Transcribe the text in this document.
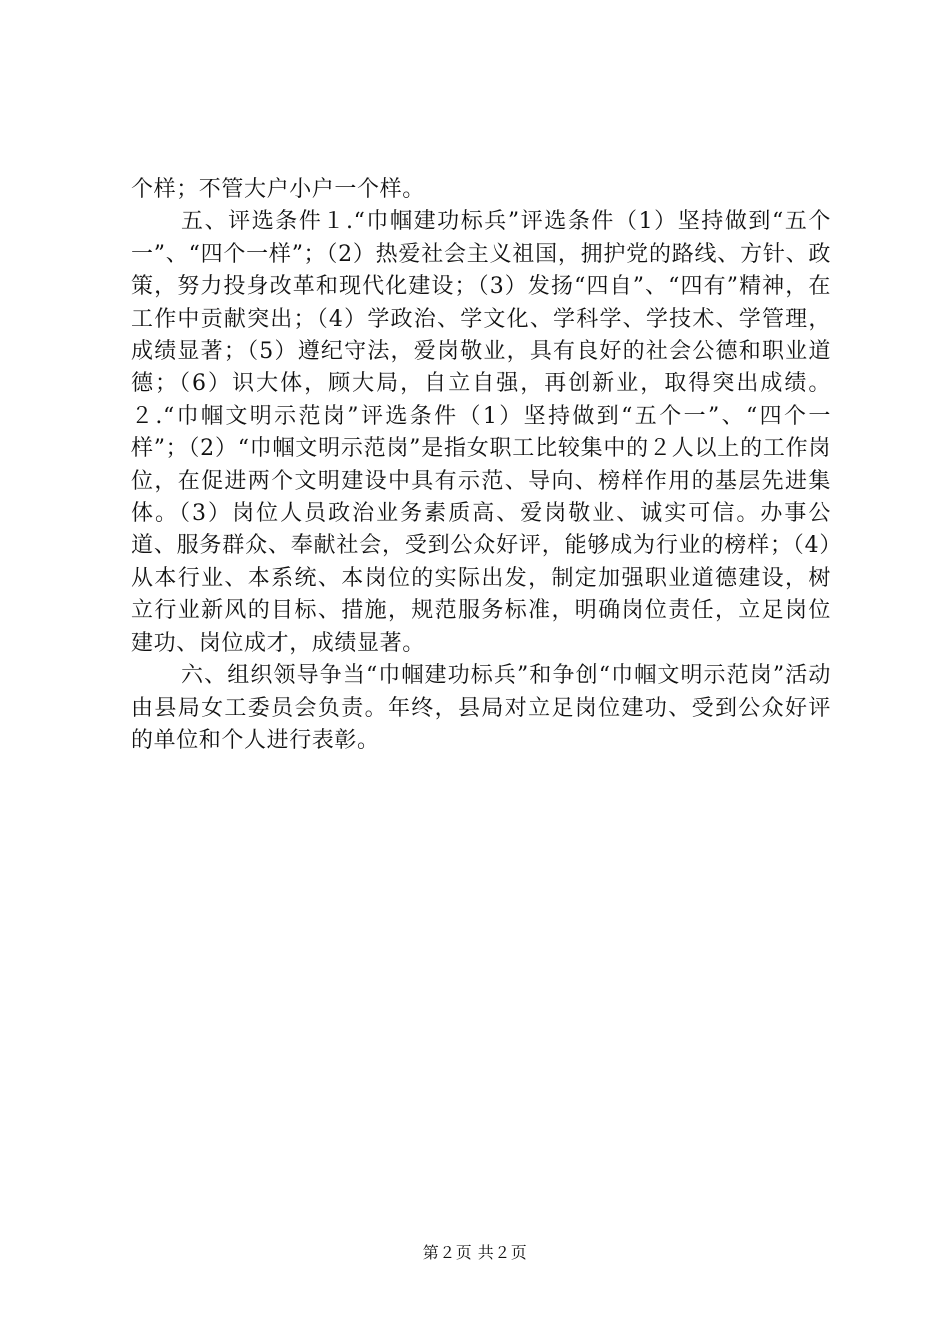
个样；不管大户小户一个样。

五、评选条件１.“巾帼建功标兵”评选条件（1）坚持做到“五个一”、“四个一样”；（2）热爱社会主义祖国，拥护党的路线、方针、政策，努力投身改革和现代化建设；（3）发扬“四自”、“四有”精神，在工作中贡献突出；（4）学政治、学文化、学科学、学技术、学管理，成绩显著；（5）遵纪守法，爱岗敬业，具有良好的社会公德和职业道德；（6）识大体，顾大局，自立自强，再创新业，取得突出成绩。２.“巾帼文明示范岗”评选条件（1）坚持做到“五个一”、“四个一样”；（2）“巾帼文明示范岗”是指女职工比较集中的２人以上的工作岗位，在促进两个文明建设中具有示范、导向、榜样作用的基层先进集体。（3）岗位人员政治业务素质高、爱岗敬业、诚实可信。办事公道、服务群众、奉献社会，受到公众好评，能够成为行业的榜样；（4）从本行业、本系统、本岗位的实际出发，制定加强职业道德建设，树立行业新风的目标、措施，规范服务标准，明确岗位责任，立足岗位建功、岗位成才，成绩显著。

六、组织领导争当“巾帼建功标兵”和争创“巾帼文明示范岗”活动由县局女工委员会负责。年终，县局对立足岗位建功、受到公众好评的单位和个人进行表彰。

第２页 共２页
